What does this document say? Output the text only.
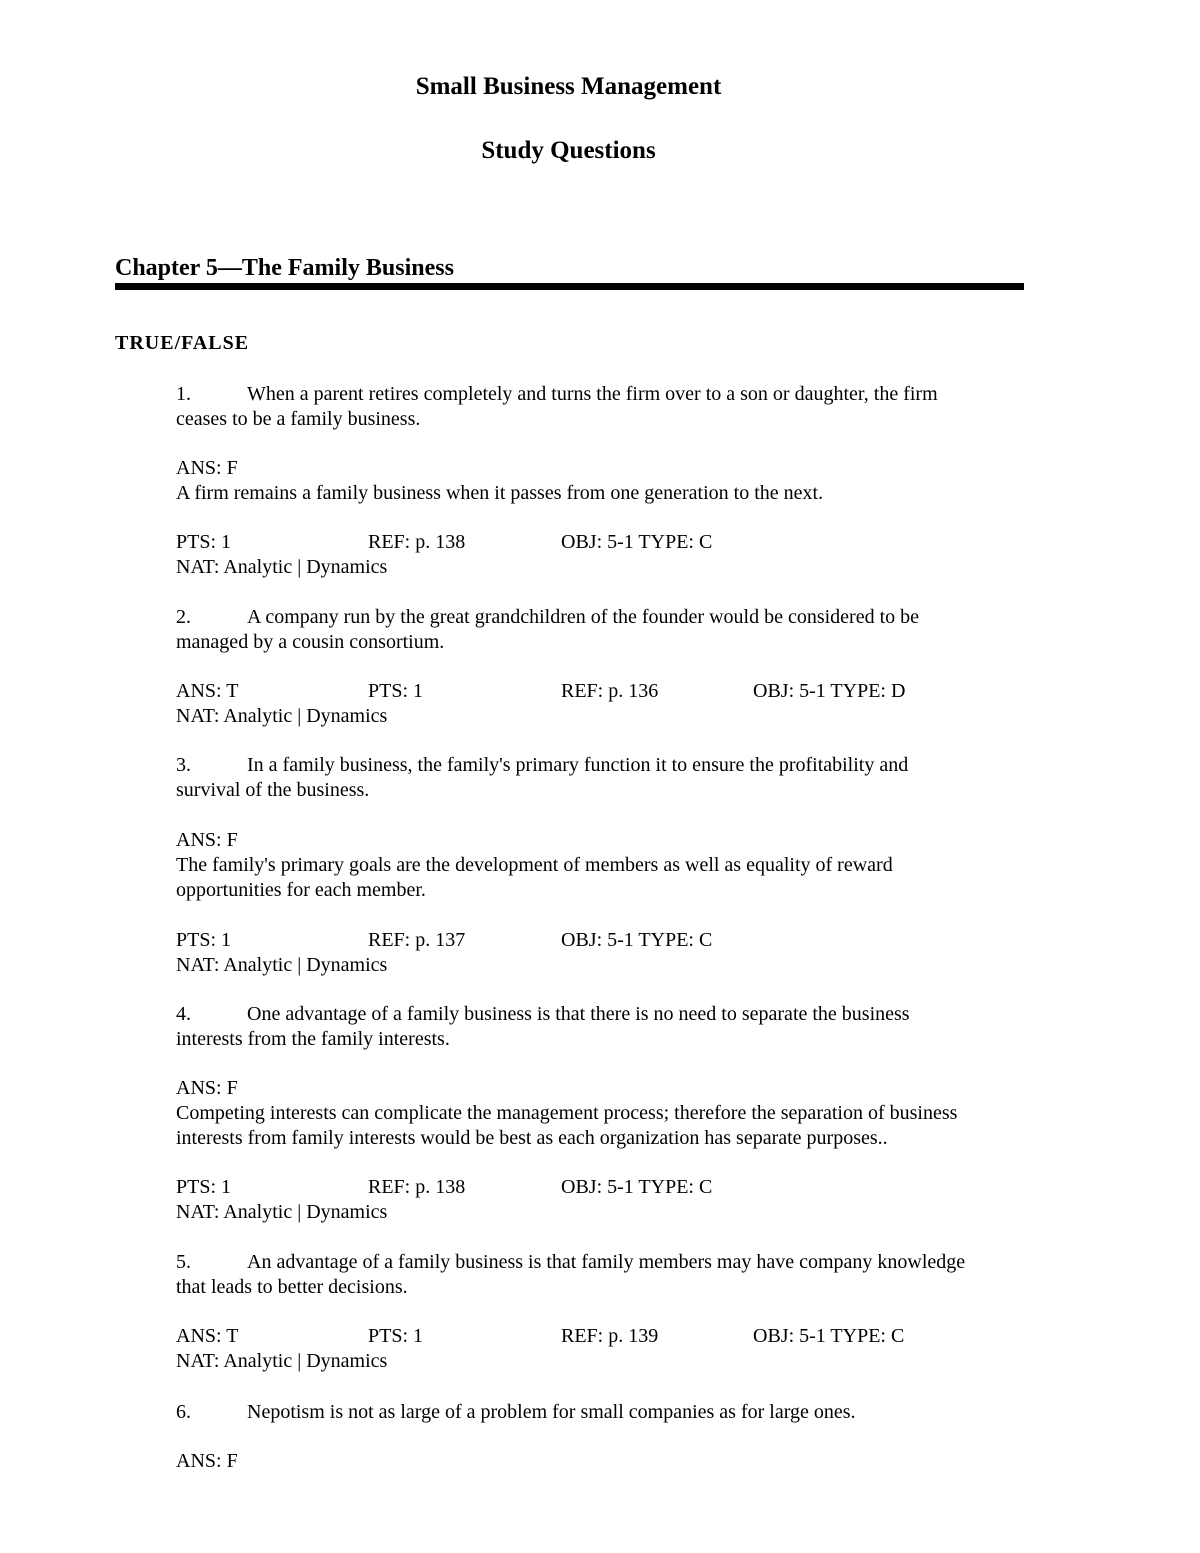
Small Business Management
Study Questions
Chapter 5—The Family Business
TRUE/FALSE
1.	When a parent retires completely and turns the firm over to a son or daughter, the firm
ceases to be a family business.
ANS: F
A firm remains a family business when it passes from one generation to the next.
PTS: 1	REF: p. 138	OBJ: 5-1 TYPE: C
NAT: Analytic | Dynamics
2.	A company run by the great grandchildren of the founder would be considered to be
managed by a cousin consortium.
ANS: T	PTS: 1	REF: p. 136	OBJ: 5-1 TYPE: D
NAT: Analytic | Dynamics
3.	In a family business, the family's primary function it to ensure the profitability and
survival of the business.
ANS: F
The family's primary goals are the development of members as well as equality of reward
opportunities for each member.
PTS: 1	REF: p. 137	OBJ: 5-1 TYPE: C
NAT: Analytic | Dynamics
4.	One advantage of a family business is that there is no need to separate the business
interests from the family interests.
ANS: F
Competing interests can complicate the management process; therefore the separation of business
interests from family interests would be best as each organization has separate purposes..
PTS: 1	REF: p. 138	OBJ: 5-1 TYPE: C
NAT: Analytic | Dynamics
5.	An advantage of a family business is that family members may have company knowledge
that leads to better decisions.
ANS: T	PTS: 1	REF: p. 139	OBJ: 5-1 TYPE: C
NAT: Analytic | Dynamics
6.	Nepotism is not as large of a problem for small companies as for large ones.
ANS: F
